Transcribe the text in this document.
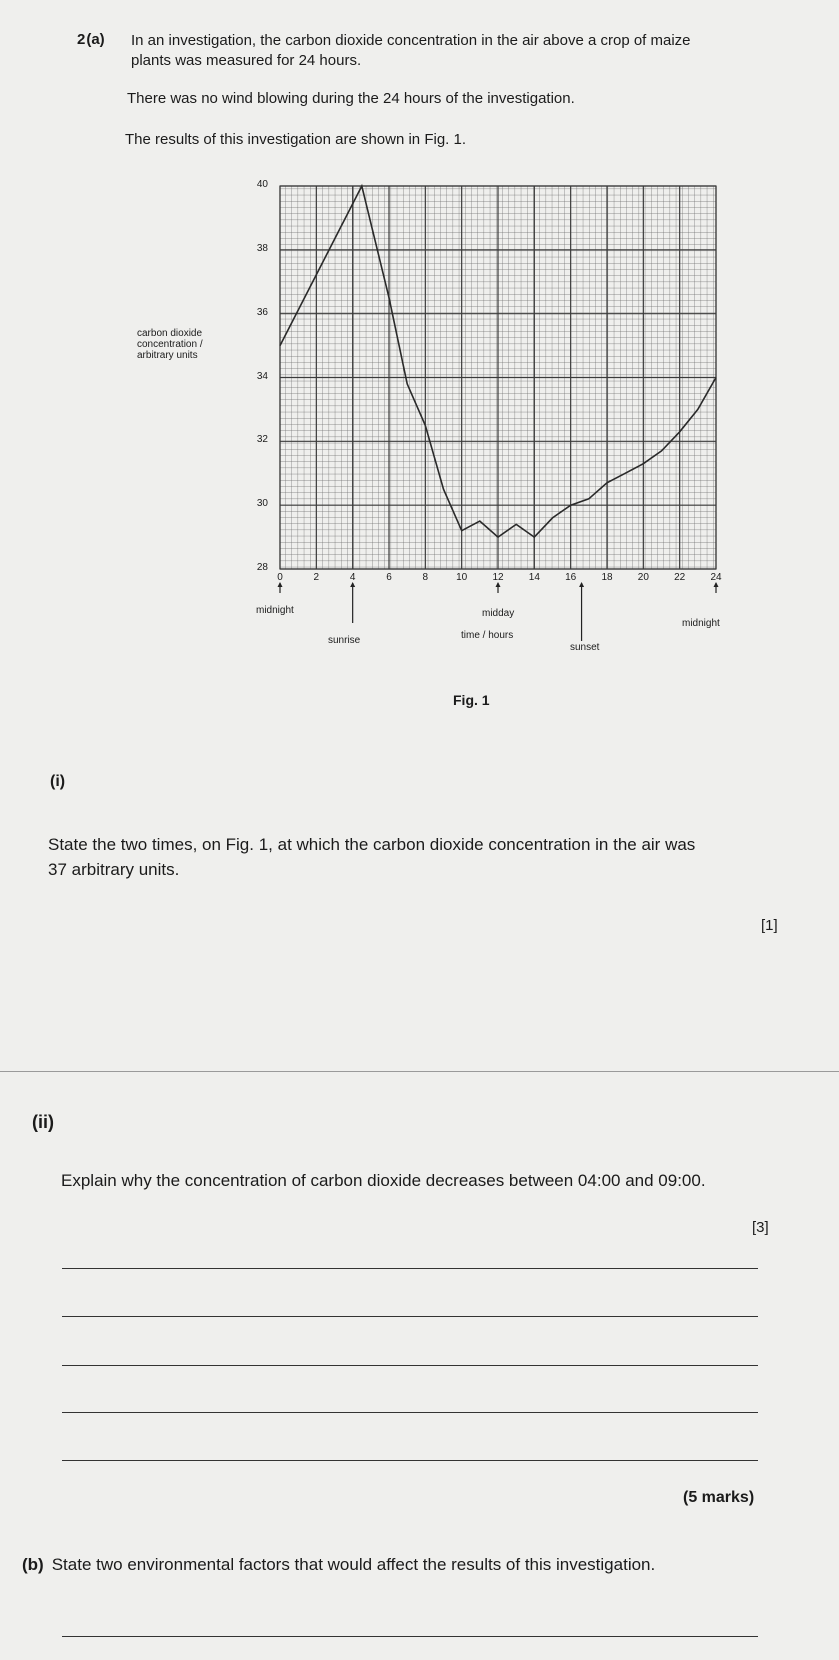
2(a) In an investigation, the carbon dioxide concentration in the air above a crop of maize
plants was measured for 24 hours.
There was no wind blowing during the 24 hours of the investigation.
The results of this investigation are shown in Fig. 1.
carbon dioxide
concentration /
arbitrary units
28
30
32
34
36
38
40
0	2	4	6	8	10	12	14	16	18	20	22	24
midnight
sunrise
midday
time / hours
sunset
midnight
Fig. 1
(i)
State the two times, on Fig. 1, at which the carbon dioxide concentration in the air was
37 arbitrary units.
[1]
(ii)
Explain why the concentration of carbon dioxide decreases between 04:00 and 09:00.
[3]
(5 marks)
(b) State two environmental factors that would affect the results of this investigation.
